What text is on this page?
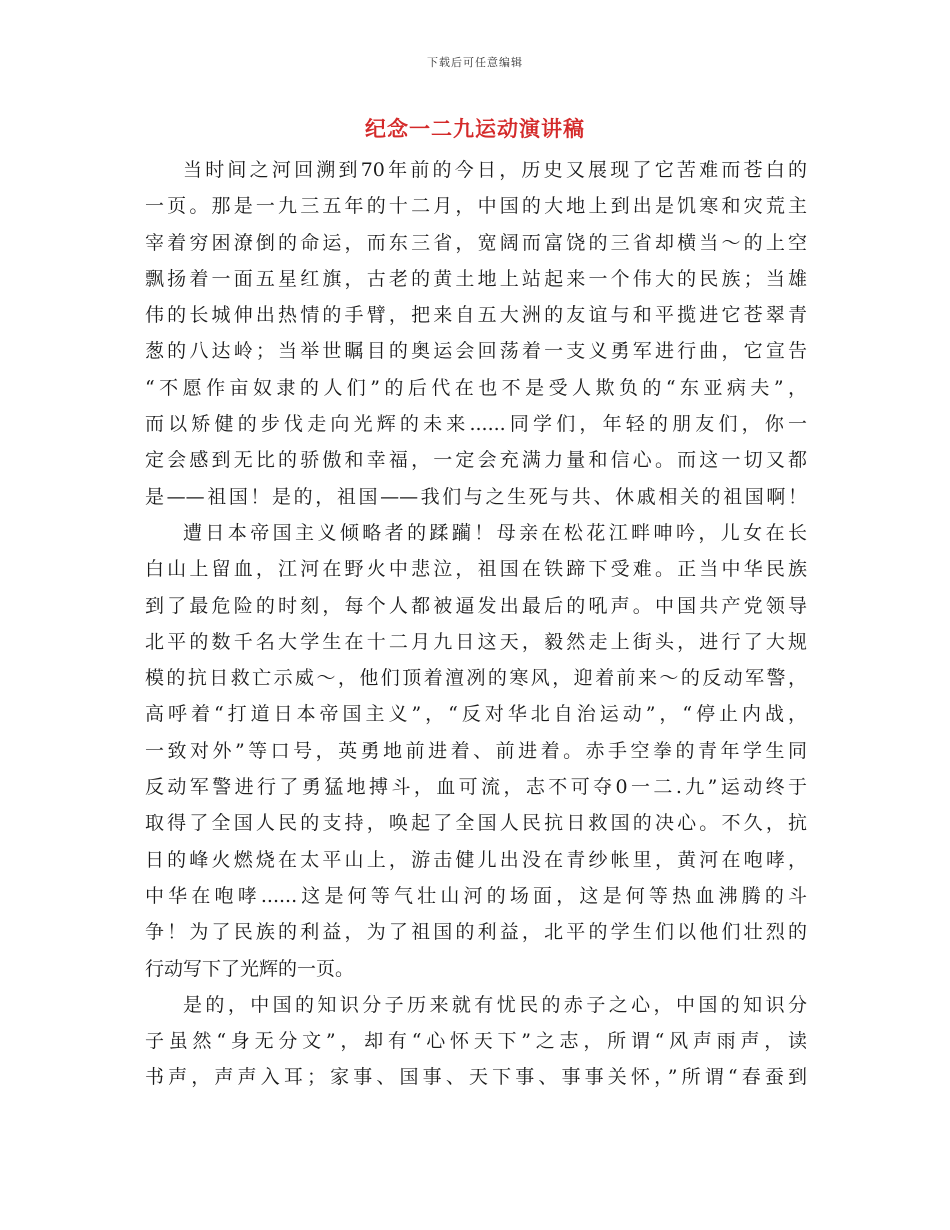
下载后可任意编辑
纪念一二九运动演讲稿
当时间之河回溯到70年前的今日，历史又展现了它苦难而苍白的
一页。那是一九三五年的十二月，中国的大地上到出是饥寒和灾荒主
宰着穷困潦倒的命运，而东三省，宽阔而富饶的三省却横当～的上空
飘扬着一面五星红旗，古老的黄土地上站起来一个伟大的民族；当雄
伟的长城伸出热情的手臂，把来自五大洲的友谊与和平揽进它苍翠青
葱的八达岭；当举世瞩目的奥运会回荡着一支义勇军进行曲，它宣告
“不愿作亩奴隶的人们”的后代在也不是受人欺负的“东亚病夫”，
而以矫健的步伐走向光辉的未来......同学们，年轻的朋友们，你一
定会感到无比的骄傲和幸福，一定会充满力量和信心。而这一切又都
是——祖国！是的，祖国——我们与之生死与共、休戚相关的祖国啊！
遭日本帝国主义倾略者的蹂躏！母亲在松花江畔呻吟，儿女在长
白山上留血，江河在野火中悲泣，祖国在铁蹄下受难。正当中华民族
到了最危险的时刻，每个人都被逼发出最后的吼声。中国共产党领导
北平的数千名大学生在十二月九日这天，毅然走上街头，进行了大规
模的抗日救亡示威～，他们顶着澶冽的寒风，迎着前来～的反动军警，
高呼着“打道日本帝国主义”，“反对华北自治运动”，“停止内战，
一致对外”等口号，英勇地前进着、前进着。赤手空拳的青年学生同
反动军警进行了勇猛地搏斗，血可流，志不可夺0一二.九”运动终于
取得了全国人民的支持，唤起了全国人民抗日救国的决心。不久，抗
日的峰火燃烧在太平山上，游击健儿出没在青纱帐里，黄河在咆哮，
中华在咆哮......这是何等气壮山河的场面，这是何等热血沸腾的斗
争！为了民族的利益，为了祖国的利益，北平的学生们以他们壮烈的
行动写下了光辉的一页。
是的，中国的知识分子历来就有忧民的赤子之心，中国的知识分
子虽然“身无分文”，却有“心怀天下”之志，所谓“风声雨声，读
书声，声声入耳；家事、国事、天下事、事事关怀，”所谓“春蚕到
